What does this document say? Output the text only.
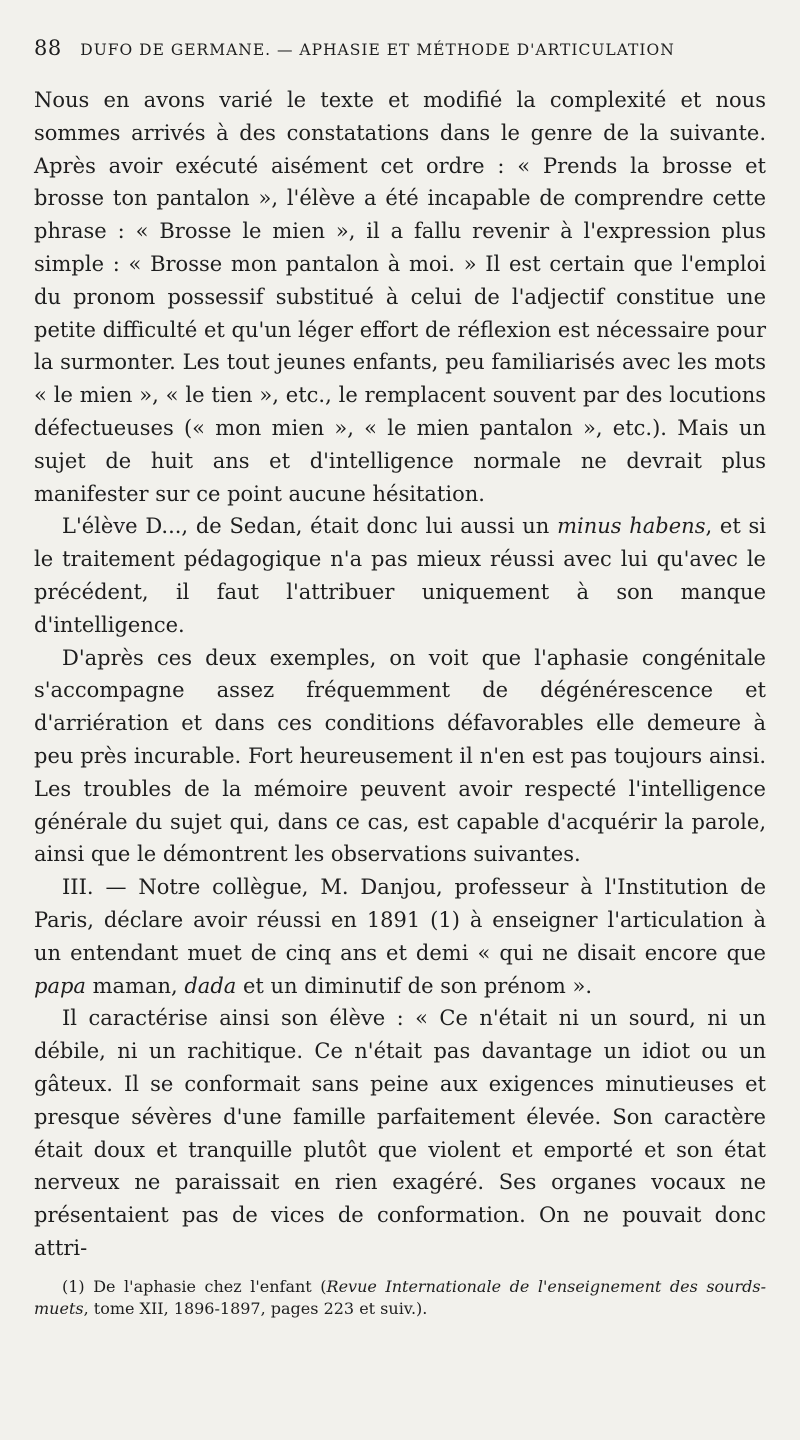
88 DUFO DE GERMANE. — APHASIE ET MÉTHODE D'ARTICULATION

Nous en avons varié le texte et modifié la complexité et nous sommes arrivés à des constatations dans le genre de la suivante. Après avoir exécuté aisément cet ordre : « Prends la brosse et brosse ton pantalon », l'élève a été incapable de comprendre cette phrase : « Brosse le mien », il a fallu revenir à l'expression plus simple : « Brosse mon pantalon à moi. » Il est certain que l'emploi du pronom possessif substitué à celui de l'adjectif constitue une petite difficulté et qu'un léger effort de réflexion est nécessaire pour la surmonter. Les tout jeunes enfants, peu familiarisés avec les mots « le mien », « le tien », etc., le remplacent souvent par des locutions défectueuses (« mon mien », « le mien pantalon », etc.). Mais un sujet de huit ans et d'intelligence normale ne devrait plus manifester sur ce point aucune hésitation.

L'élève D..., de Sedan, était donc lui aussi un minus habens, et si le traitement pédagogique n'a pas mieux réussi avec lui qu'avec le précédent, il faut l'attribuer uniquement à son manque d'intelligence.

D'après ces deux exemples, on voit que l'aphasie congénitale s'accompagne assez fréquemment de dégénérescence et d'arriération et dans ces conditions défavorables elle demeure à peu près incurable. Fort heureusement il n'en est pas toujours ainsi. Les troubles de la mémoire peuvent avoir respecté l'intelligence générale du sujet qui, dans ce cas, est capable d'acquérir la parole, ainsi que le démontrent les observations suivantes.

III. — Notre collègue, M. Danjou, professeur à l'Institution de Paris, déclare avoir réussi en 1891 (1) à enseigner l'articulation à un entendant muet de cinq ans et demi « qui ne disait encore que papa maman, dada et un diminutif de son prénom ».

Il caractérise ainsi son élève : « Ce n'était ni un sourd, ni un débile, ni un rachitique. Ce n'était pas davantage un idiot ou un gâteux. Il se conformait sans peine aux exigences minutieuses et presque sévères d'une famille parfaitement élevée. Son caractère était doux et tranquille plutôt que violent et emporté et son état nerveux ne paraissait en rien exagéré. Ses organes vocaux ne présentaient pas de vices de conformation. On ne pouvait donc attri-

(1) De l'aphasie chez l'enfant (Revue Internationale de l'enseignement des sourds-muets, tome XII, 1896-1897, pages 223 et suiv.).
